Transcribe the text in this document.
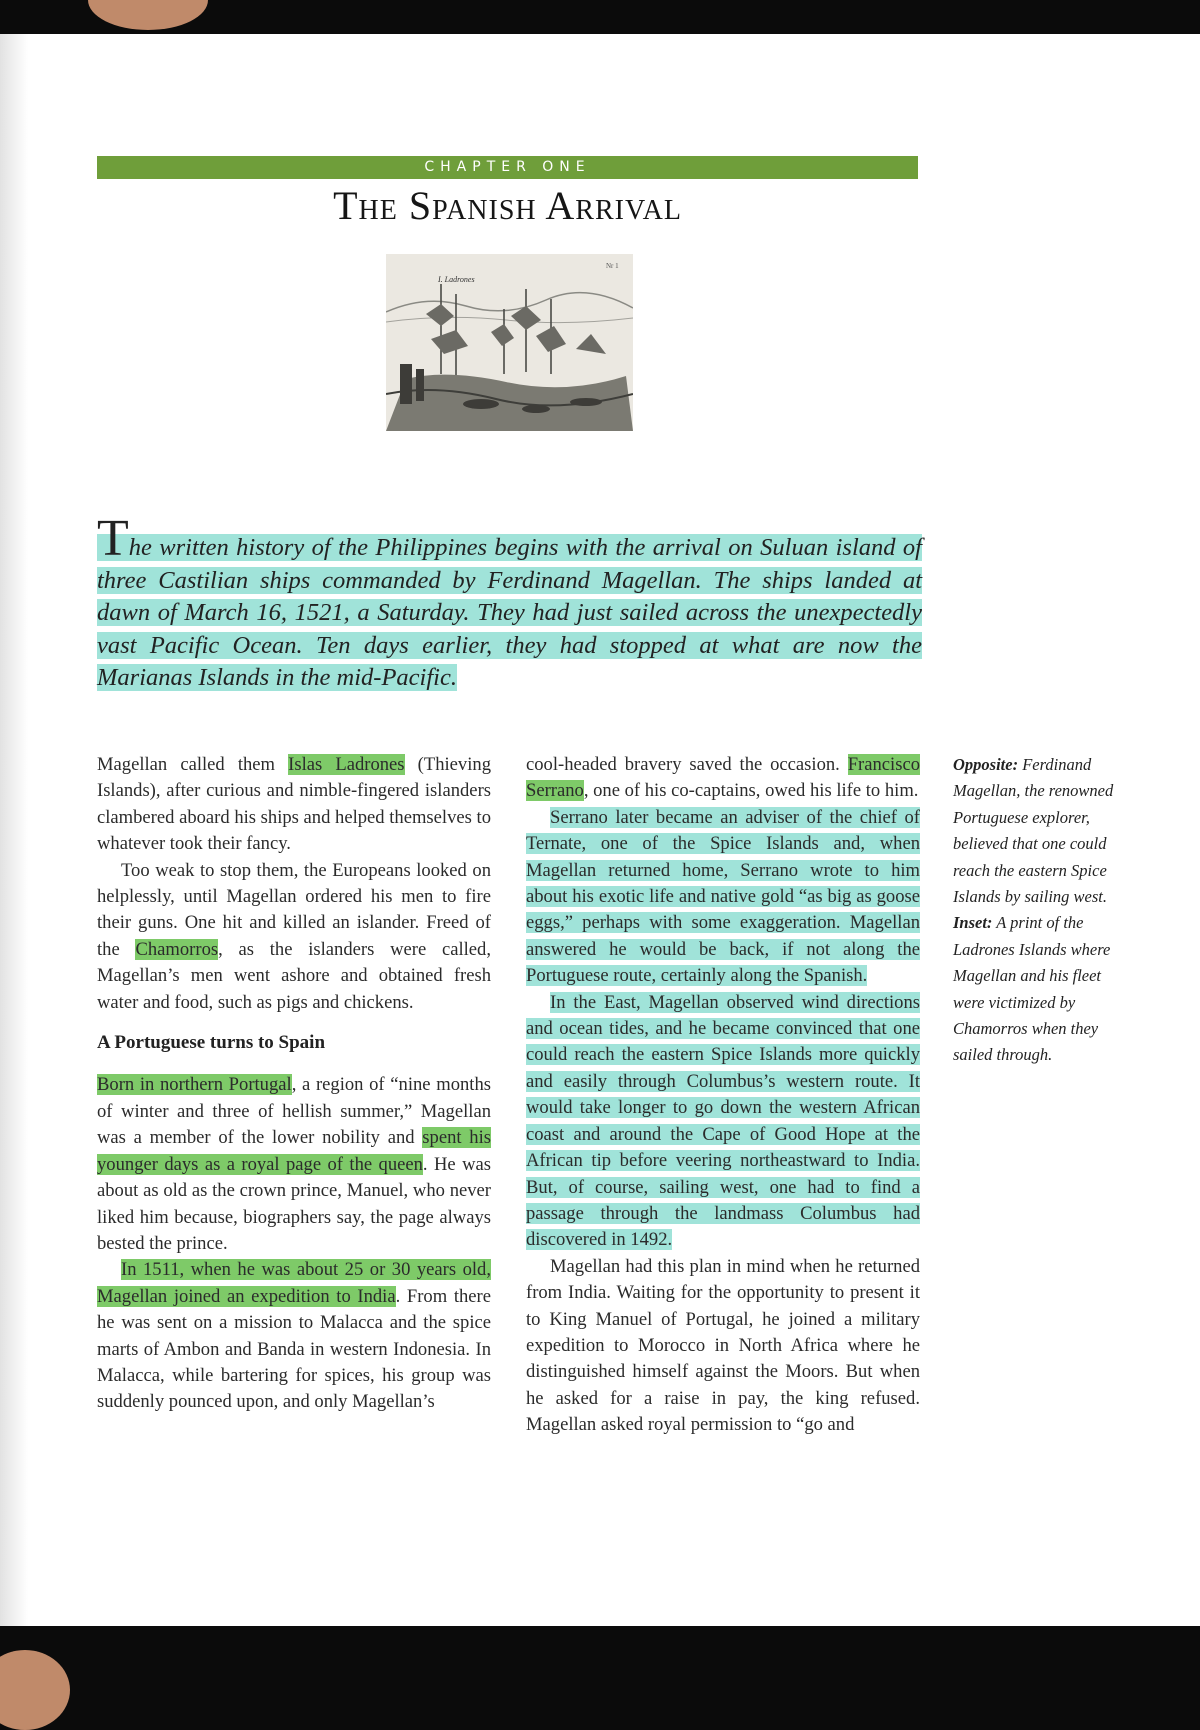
CHAPTER ONE
The Spanish Arrival
I. Ladrones
Nr 1
The written history of the Philippines begins with the arrival on Suluan island of three Castilian ships commanded by Ferdinand Magellan. The ships landed at dawn of March 16, 1521, a Saturday. They had just sailed across the unexpectedly vast Pacific Ocean. Ten days earlier, they had stopped at what are now the Marianas Islands in the mid-Pacific.

Magellan called them Islas Ladrones (Thieving Islands), after curious and nimble-fingered islanders clambered aboard his ships and helped themselves to whatever took their fancy.

Too weak to stop them, the Europeans looked on helplessly, until Magellan ordered his men to fire their guns. One hit and killed an islander. Freed of the Chamorros, as the islanders were called, Magellan’s men went ashore and obtained fresh water and food, such as pigs and chickens.

A Portuguese turns to Spain

Born in northern Portugal, a region of “nine months of winter and three of hellish summer,” Magellan was a member of the lower nobility and spent his younger days as a royal page of the queen. He was about as old as the crown prince, Manuel, who never liked him because, biographers say, the page always bested the prince.

In 1511, when he was about 25 or 30 years old, Magellan joined an expedition to India. From there he was sent on a mission to Malacca and the spice marts of Ambon and Banda in western Indonesia. In Malacca, while bartering for spices, his group was suddenly pounced upon, and only Magellan’s

cool-headed bravery saved the occasion. Francisco Serrano, one of his co-captains, owed his life to him.

Serrano later became an adviser of the chief of Ternate, one of the Spice Islands and, when Magellan returned home, Serrano wrote to him about his exotic life and native gold “as big as goose eggs,” perhaps with some exaggeration. Magellan answered he would be back, if not along the Portuguese route, certainly along the Spanish.

In the East, Magellan observed wind directions and ocean tides, and he became convinced that one could reach the eastern Spice Islands more quickly and easily through Columbus’s western route. It would take longer to go down the western African coast and around the Cape of Good Hope at the African tip before veering northeastward to India. But, of course, sailing west, one had to find a passage through the landmass Columbus had discovered in 1492.

Magellan had this plan in mind when he returned from India. Waiting for the opportunity to present it to King Manuel of Portugal, he joined a military expedition to Morocco in North Africa where he distinguished himself against the Moors. But when he asked for a raise in pay, the king refused. Magellan asked royal permission to “go and

Opposite: Ferdinand Magellan, the renowned Portuguese explorer, believed that one could reach the eastern Spice Islands by sailing west.
Inset: A print of the Ladrones Islands where Magellan and his fleet were victimized by Chamorros when they sailed through.
